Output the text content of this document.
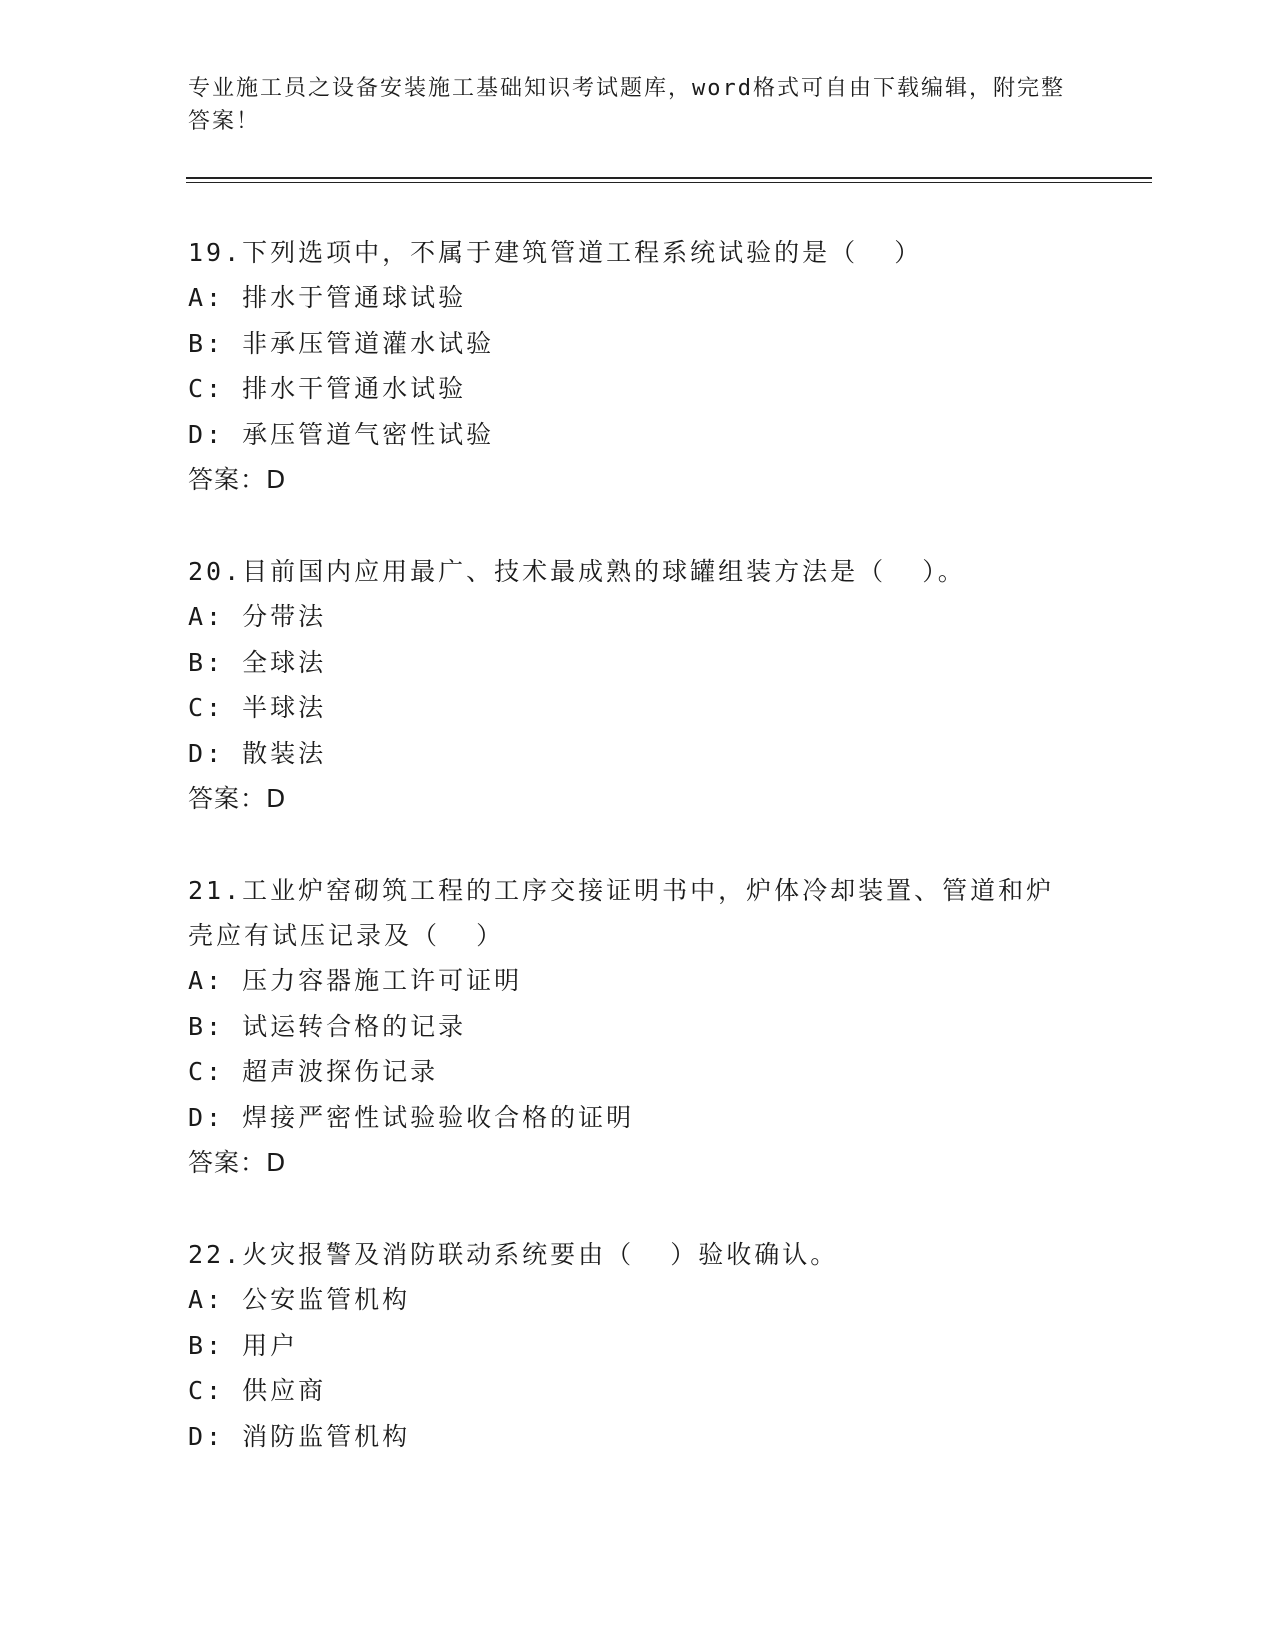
专业施工员之设备安装施工基础知识考试题库，word格式可自由下载编辑，附完整答案！
19.下列选项中，不属于建筑管道工程系统试验的是（  ）
A: 排水于管通球试验
B: 非承压管道灌水试验
C: 排水干管通水试验
D: 承压管道气密性试验
答案：D
20.目前国内应用最广、技术最成熟的球罐组装方法是（  ）。
A: 分带法
B: 全球法
C: 半球法
D: 散装法
答案：D
21.工业炉窑砌筑工程的工序交接证明书中，炉体冷却装置、管道和炉壳应有试压记录及（  ）
A: 压力容器施工许可证明
B: 试运转合格的记录
C: 超声波探伤记录
D: 焊接严密性试验验收合格的证明
答案：D
22.火灾报警及消防联动系统要由（  ）验收确认。
A: 公安监管机构
B: 用户
C: 供应商
D: 消防监管机构
